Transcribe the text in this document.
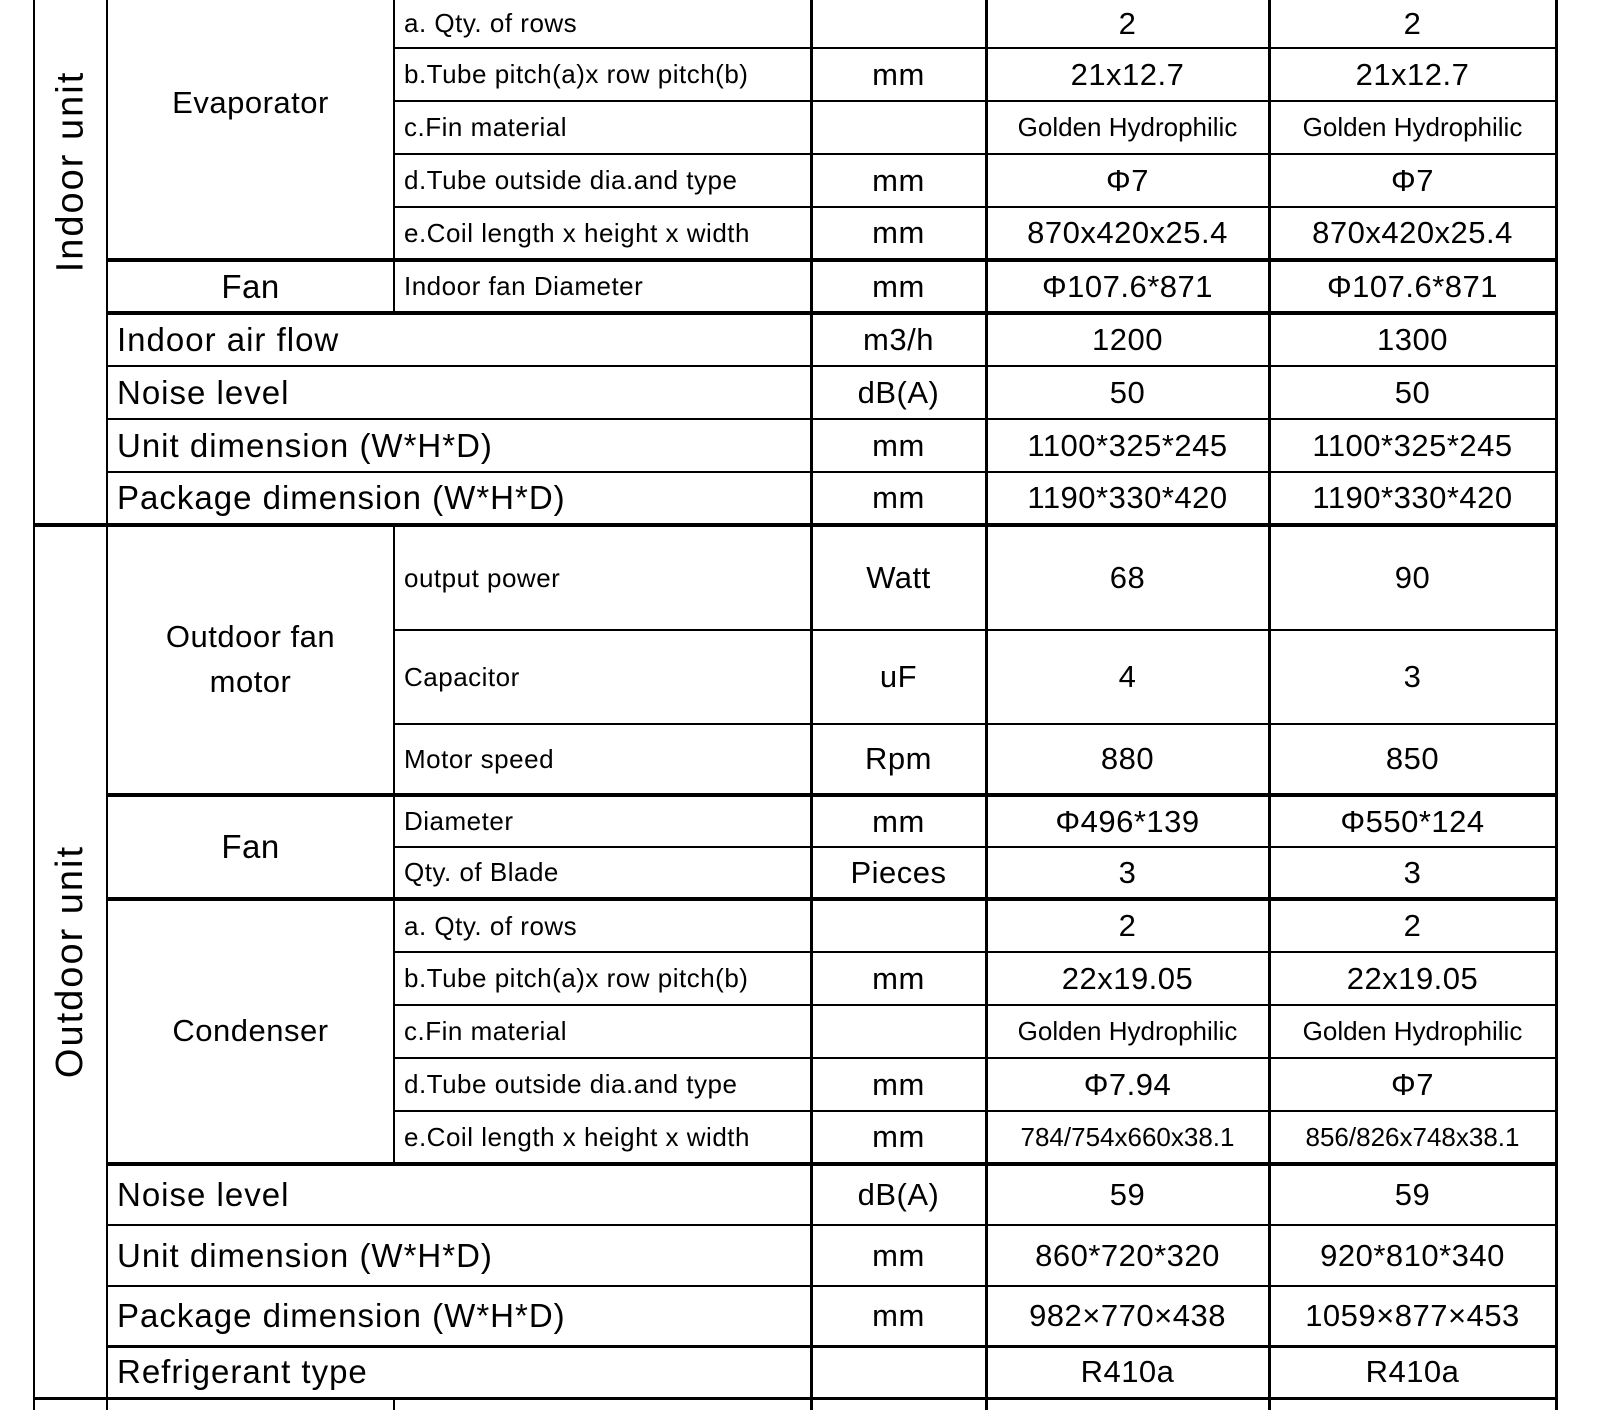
Indoor unit	Evaporator	a. Qty. of rows		2	2
		b.Tube pitch(a)x row pitch(b)	mm	21x12.7	21x12.7
		c.Fin material		Golden Hydrophilic	Golden Hydrophilic
		d.Tube outside dia.and type	mm	Φ7	Φ7
		e.Coil length x height x width	mm	870x420x25.4	870x420x25.4
	Fan	Indoor fan Diameter	mm	Φ107.6*871	Φ107.6*871
	Indoor air flow		m3/h	1200	1300
	Noise level		dB(A)	50	50
	Unit dimension (W*H*D)		mm	1100*325*245	1100*325*245
	Package dimension (W*H*D)		mm	1190*330*420	1190*330*420

Outdoor unit	Outdoor fan motor	output power	Watt	68	90
		Capacitor	uF	4	3
		Motor speed	Rpm	880	850
	Fan	Diameter	mm	Φ496*139	Φ550*124
		Qty. of Blade	Pieces	3	3
	Condenser	a. Qty. of rows		2	2
		b.Tube pitch(a)x row pitch(b)	mm	22x19.05	22x19.05
		c.Fin material		Golden Hydrophilic	Golden Hydrophilic
		d.Tube outside dia.and type	mm	Φ7.94	Φ7
		e.Coil length x height x width	mm	784/754x660x38.1	856/826x748x38.1
	Noise level		dB(A)	59	59
	Unit dimension (W*H*D)		mm	860*720*320	920*810*340
	Package dimension (W*H*D)		mm	982×770×438	1059×877×453
	Refrigerant type			R410a	R410a
